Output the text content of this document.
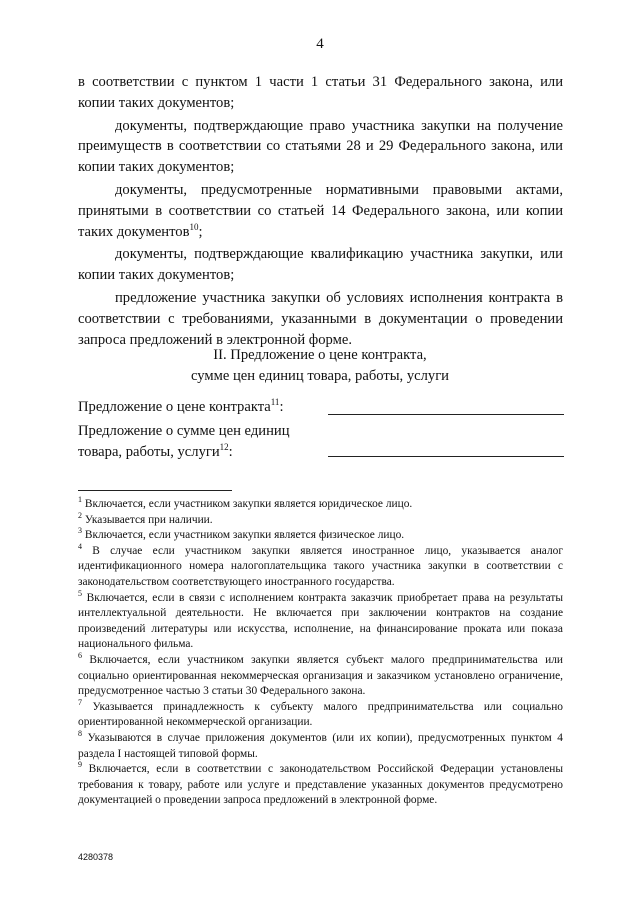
4

в соответствии с пунктом 1 части 1 статьи 31 Федерального закона, или копии таких документов;

документы, подтверждающие право участника закупки на получение преимуществ в соответствии со статьями 28 и 29 Федерального закона, или копии таких документов;

документы, предусмотренные нормативными правовыми актами, принятыми в соответствии со статьей 14 Федерального закона, или копии таких документов$^{10}$;

документы, подтверждающие квалификацию участника закупки, или копии таких документов;

предложение участника закупки об условиях исполнения контракта в соответствии с требованиями, указанными в документации о проведении запроса предложений в электронной форме.

II. Предложение о цене контракта,
сумме цен единиц товара, работы, услуги
Предложение о цене контракта$^{11}$:
Предложение о сумме цен единиц
товара, работы, услуги$^{12}$:

$^1$ Включается, если участником закупки является юридическое лицо.

$^2$ Указывается при наличии.

$^3$ Включается, если участником закупки является физическое лицо.

$^4$ В случае если участником закупки является иностранное лицо, указывается аналог идентификационного номера налогоплательщика такого участника закупки в соответствии с законодательством соответствующего иностранного государства.

$^5$ Включается, если в связи с исполнением контракта заказчик приобретает права на результаты интеллектуальной деятельности. Не включается при заключении контрактов на создание произведений литературы или искусства, исполнение, на финансирование проката или показа национального фильма.

$^6$ Включается, если участником закупки является субъект малого предпринимательства или социально ориентированная некоммерческая организация и заказчиком установлено ограничение, предусмотренное частью 3 статьи 30 Федерального закона.

$^7$ Указывается принадлежность к субъекту малого предпринимательства или социально ориентированной некоммерческой организации.

$^8$ Указываются в случае приложения документов (или их копии), предусмотренных пунктом 4 раздела I настоящей типовой формы.

$^9$ Включается, если в соответствии с законодательством Российской Федерации установлены требования к товару, работе или услуге и представление указанных документов предусмотрено документацией о проведении запроса предложений в электронной форме.

4280378
